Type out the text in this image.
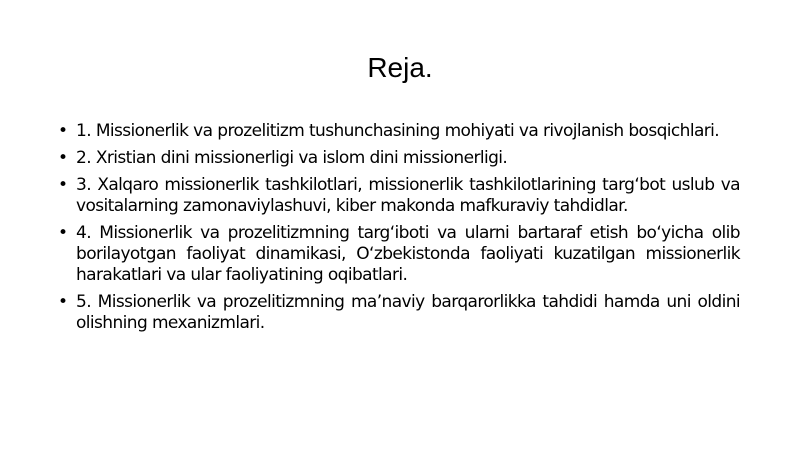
Reja.
• 1. Missionerlik va prozelitizm tushunchasining mohiyati va rivojlanish bosqichlari.
• 2. Xristian dini missionerligi va islom dini missionerligi.
• 3. Xalqaro missionerlik tashkilotlari, missionerlik tashkilotlarining targ‘bot uslub va vositalarning zamonaviylashuvi, kiber makonda mafkuraviy tahdidlar.
• 4. Missionerlik va prozelitizmning targ‘iboti va ularni bartaraf etish bo‘yicha olib borilayotgan faoliyat dinamikasi, O‘zbekistonda faoliyati kuzatilgan missionerlik harakatlari va ular faoliyatining oqibatlari.
• 5. Missionerlik va prozelitizmning ma’naviy barqarorlikka tahdidi hamda uni oldini olishning mexanizmlari.
